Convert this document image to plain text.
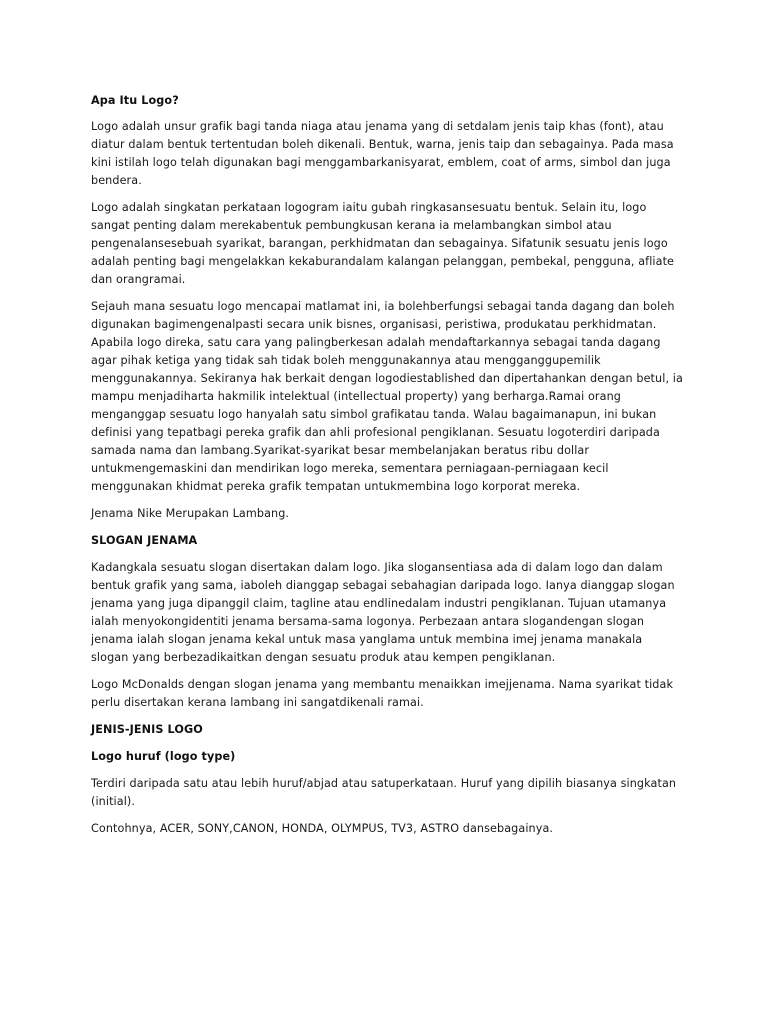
Apa Itu Logo?

Logo adalah unsur grafik bagi tanda niaga atau jenama yang di setdalam jenis taip khas (font), atau diatur dalam bentuk tertentudan boleh dikenali. Bentuk, warna, jenis taip dan sebagainya. Pada masa kini istilah logo telah digunakan bagi menggambarkanisyarat, emblem, coat of arms, simbol dan juga bendera.

Logo adalah singkatan perkataan logogram iaitu gubah ringkasansesuatu bentuk. Selain itu, logo sangat penting dalam merekabentuk pembungkusan kerana ia melambangkan simbol atau pengenalansesebuah syarikat, barangan, perkhidmatan dan sebagainya. Sifatunik sesuatu jenis logo adalah penting bagi mengelakkan kekaburandalam kalangan pelanggan, pembekal, pengguna, afliate dan orangramai.

Sejauh mana sesuatu logo mencapai matlamat ini, ia bolehberfungsi sebagai tanda dagang dan boleh digunakan bagimengenalpasti secara unik bisnes, organisasi, peristiwa, produkatau perkhidmatan. Apabila logo direka, satu cara yang palingberkesan adalah mendaftarkannya sebagai tanda dagang agar pihak ketiga yang tidak sah tidak boleh menggunakannya atau mengganggupemilik menggunakannya. Sekiranya hak berkait dengan logodiestablished dan dipertahankan dengan betul, ia mampu menjadiharta hakmilik intelektual (intellectual property) yang berharga.Ramai orang menganggap sesuatu logo hanyalah satu simbol grafikatau tanda. Walau bagaimanapun, ini bukan definisi yang tepatbagi pereka grafik dan ahli profesional pengiklanan. Sesuatu logoterdiri daripada samada nama dan lambang.Syarikat-syarikat besar membelanjakan beratus ribu dollar untukmengemaskini dan mendirikan logo mereka, sementara perniagaan-perniagaan kecil menggunakan khidmat pereka grafik tempatan untukmembina logo korporat mereka.

Jenama Nike Merupakan Lambang.

SLOGAN JENAMA

Kadangkala sesuatu slogan disertakan dalam logo. Jika slogansentiasa ada di dalam logo dan dalam bentuk grafik yang sama, iaboleh dianggap sebagai sebahagian daripada logo. Ianya dianggap slogan jenama yang juga dipanggil claim, tagline atau endlinedalam industri pengiklanan. Tujuan utamanya ialah menyokongidentiti jenama bersama-sama logonya. Perbezaan antara slogandengan slogan jenama ialah slogan jenama kekal untuk masa yanglama untuk membina imej jenama manakala slogan yang berbezadikaitkan dengan sesuatu produk atau kempen pengiklanan.

Logo McDonalds dengan slogan jenama yang membantu menaikkan imejjenama. Nama syarikat tidak perlu disertakan kerana lambang ini sangatdikenali ramai.

JENIS-JENIS LOGO
Logo huruf (logo type)

Terdiri daripada satu atau lebih huruf/abjad atau satuperkataan. Huruf yang dipilih biasanya singkatan (initial).

Contohnya, ACER, SONY,CANON, HONDA, OLYMPUS, TV3, ASTRO dansebagainya.
